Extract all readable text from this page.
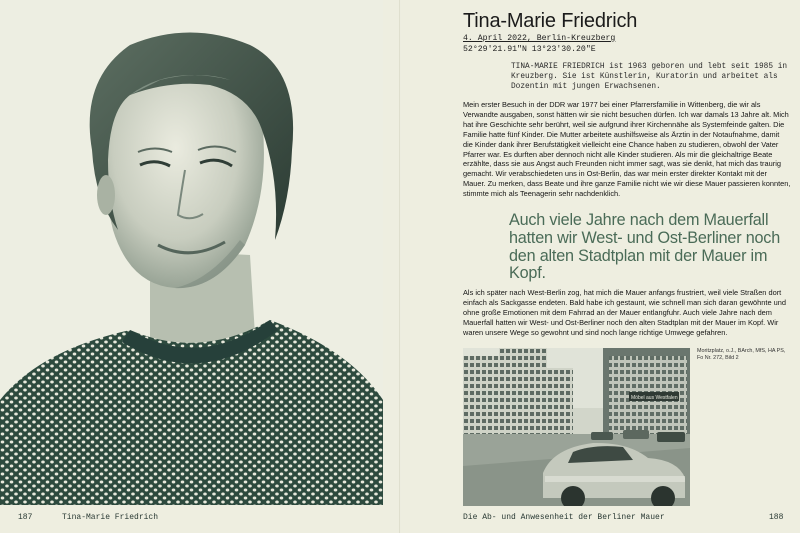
187	Tina-Marie Friedrich
Tina-Marie Friedrich
4. April 2022, Berlin-Kreuzberg
52°29'21.91"N 13°23'30.20"E
TINA-MARIE FRIEDRICH ist 1963 geboren und lebt seit 1985 in Kreuzberg. Sie ist Künstlerin, Kuratorin und arbeitet als Dozentin mit jungen Erwachsenen.
Mein erster Besuch in der DDR war 1977 bei einer Pfarrersfamilie in Wittenberg, die wir als Verwandte ausgaben, sonst hätten wir sie nicht besuchen dürfen. Ich war damals 13 Jahre alt. Mich hat ihre Geschichte sehr berührt, weil sie aufgrund ihrer Kirchennähe als Systemfeinde galten. Die Familie hatte fünf Kinder. Die Mutter arbeitete aushilfsweise als Ärztin in der Notaufnahme, damit die Kinder dank ihrer Berufstätigkeit vielleicht eine Chance haben zu studieren, obwohl der Vater Pfarrer war. Es durften aber dennoch nicht alle Kinder studieren. Als mir die gleichaltrige Beate erzählte, dass sie aus Angst auch Freunden nicht immer sagt, was sie denkt, hat mich das traurig gemacht. Wir verabschiedeten uns in Ost-Berlin, das war mein erster direkter Kontakt mit der Mauer. Zu merken, dass Beate und ihre ganze Familie nicht wie wir diese Mauer passieren konnten, stimmte mich als Teenagerin sehr nachdenklich.
Auch viele Jahre nach dem Mauerfall hatten wir West- und Ost-Berliner noch den alten Stadtplan mit der Mauer im Kopf.
Als ich später nach West-Berlin zog, hat mich die Mauer anfangs frustriert, weil viele Straßen dort einfach als Sackgasse endeten. Bald habe ich gestaunt, wie schnell man sich daran gewöhnte und ohne große Emotionen mit dem Fahrrad an der Mauer entlangfuhr. Auch viele Jahre nach dem Mauerfall hatten wir West- und Ost-Berliner noch den alten Stadtplan mit der Mauer im Kopf. Wir waren unsere Wege so gewohnt und sind noch lange richtige Umwege gefahren.
Möbel aus Westfalen
Moritzplatz, o.J., BArch, MfS, HA PS, Fo Nr. 272, Bild 2
Die Ab- und Anwesenheit der Berliner Mauer	188
